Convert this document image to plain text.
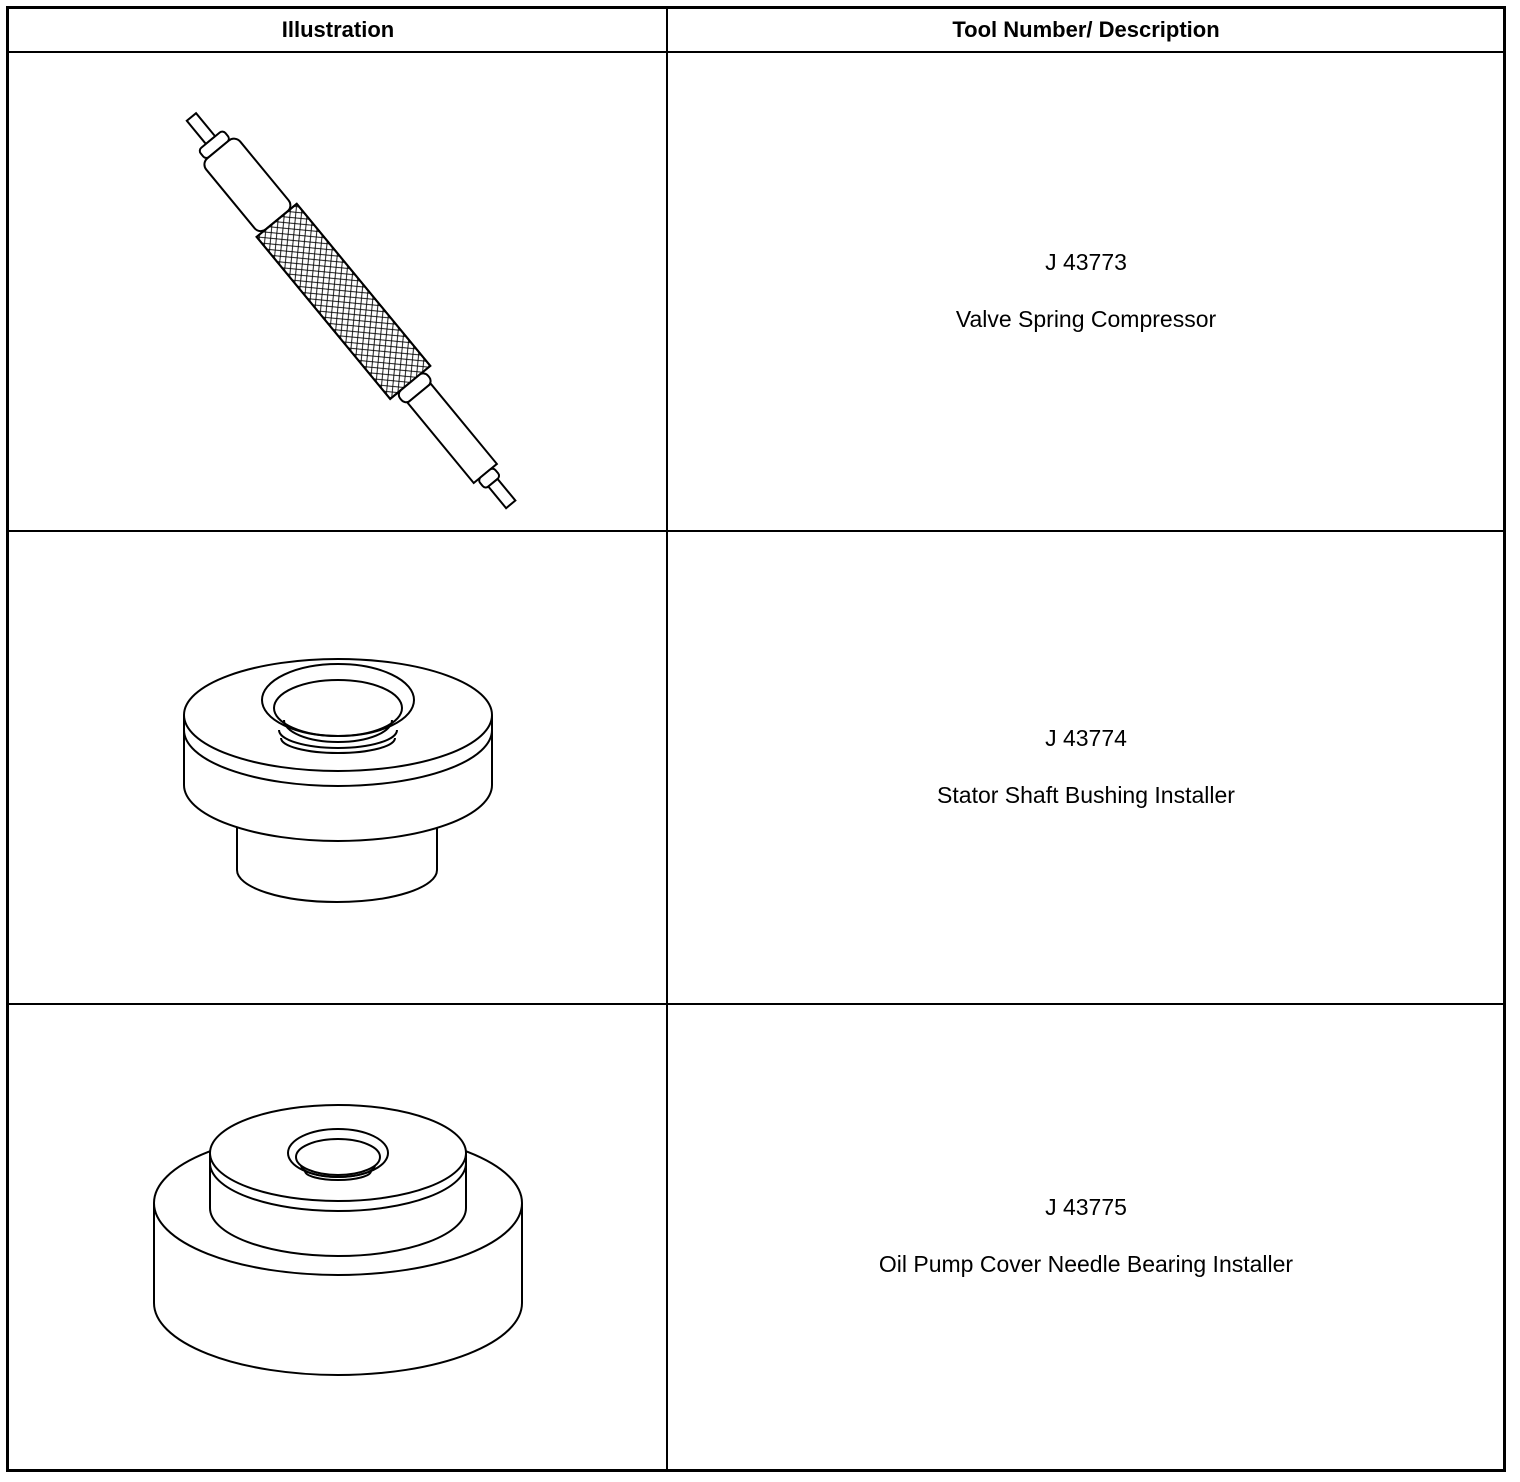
Illustration	Tool Number/ Description
J 43773
Valve Spring Compressor
J 43774
Stator Shaft Bushing Installer
J 43775
Oil Pump Cover Needle Bearing Installer
